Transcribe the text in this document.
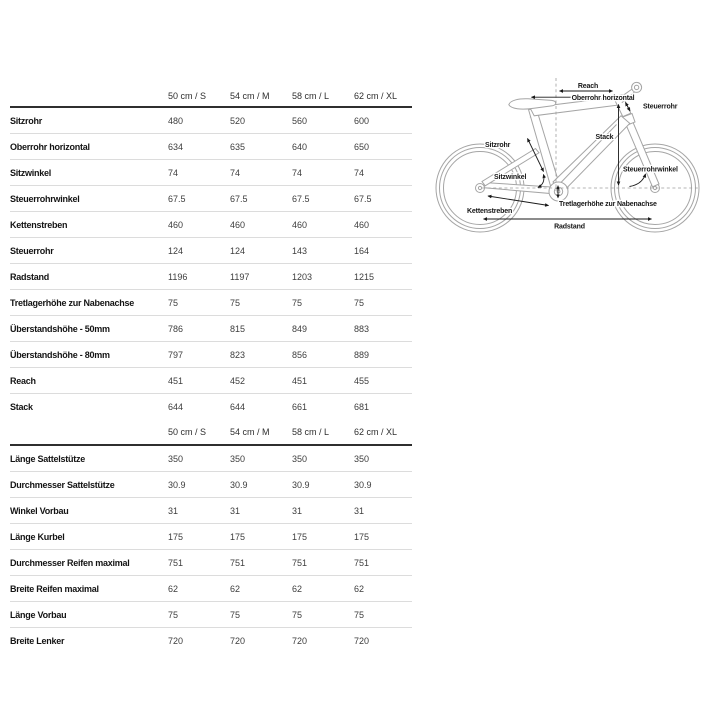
	50 cm / S	54 cm / M	58 cm / L	62 cm / XL
Sitzrohr	480	520	560	600
Oberrohr horizontal	634	635	640	650
Sitzwinkel	74	74	74	74
Steuerrohrwinkel	67.5	67.5	67.5	67.5
Kettenstreben	460	460	460	460
Steuerrohr	124	124	143	164
Radstand	1196	1197	1203	1215
Tretlagerhöhe zur Nabenachse	75	75	75	75
Überstandshöhe - 50mm	786	815	849	883
Überstandshöhe - 80mm	797	823	856	889
Reach	451	452	451	455
Stack	644	644	661	681
	50 cm / S	54 cm / M	58 cm / L	62 cm / XL
Länge Sattelstütze	350	350	350	350
Durchmesser Sattelstütze	30.9	30.9	30.9	30.9
Winkel Vorbau	31	31	31	31
Länge Kurbel	175	175	175	175
Durchmesser Reifen maximal	751	751	751	751
Breite Reifen maximal	62	62	62	62
Länge Vorbau	75	75	75	75
Breite Lenker	720	720	720	720
Reach
Oberrohr horizontal
Steuerrohr
Stack
Sitzrohr
Sitzwinkel
Steuerrohrwinkel
Kettenstreben
Tretlagerhöhe zur Nabenachse
Radstand
